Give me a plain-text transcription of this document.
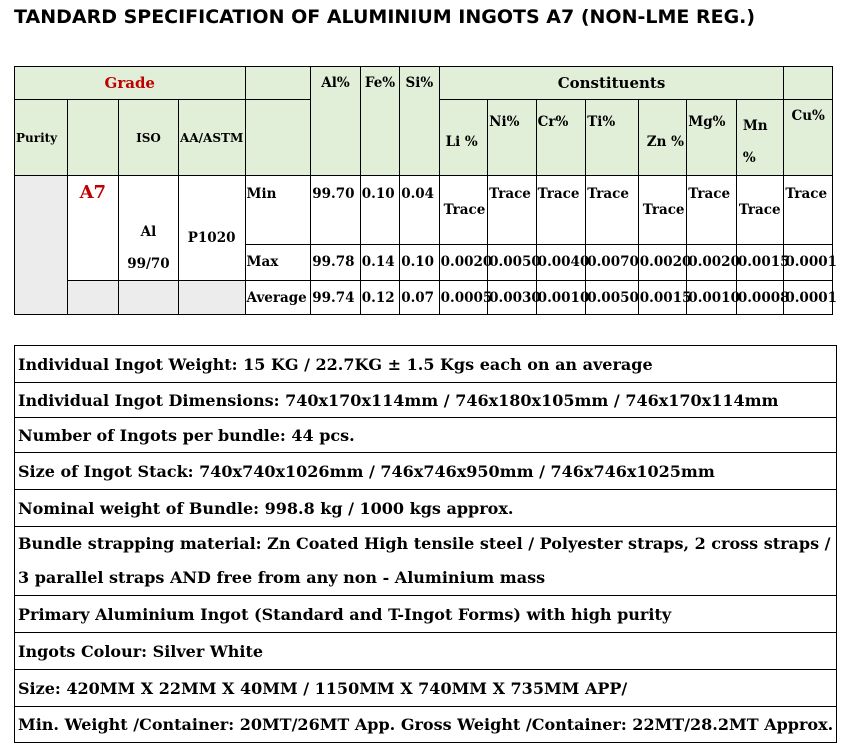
TANDARD SPECIFICATION OF ALUMINIUM INGOTS A7 (NON-LME REG.)
Grade					Al%	Fe%	Si%	Constituents							
Purity		ISO	AA/ASTM					Li %	Ni%	Cr%	Ti%	Zn %	Mg%	Mn %	Cu%
	A7	Al 99/70	P1020	Min	99.70	0.10	0.04	Trace	Trace	Trace	Trace	Trace	Trace	Trace	Trace
				Max	99.78	0.14	0.10	0.0020	0.0050	0.0040	0.0070	0.0020	0.0020	0.0015	0.0001
				Average	99.74	0.12	0.07	0.0005	0.0030	0.0010	0.0050	0.0015	0.0010	0.0008	0.0001
Individual Ingot Weight: 15 KG / 22.7KG ± 1.5 Kgs each on an average
Individual Ingot Dimensions: 740x170x114mm / 746x180x105mm / 746x170x114mm
Number of Ingots per bundle: 44 pcs.
Size of Ingot Stack: 740x740x1026mm / 746x746x950mm / 746x746x1025mm
Nominal weight of Bundle: 998.8 kg / 1000 kgs approx.
Bundle strapping material: Zn Coated High tensile steel / Polyester straps, 2 cross straps / 3 parallel straps AND free from any non - Aluminium mass
Primary Aluminium Ingot (Standard and T-Ingot Forms) with high purity
Ingots Colour: Silver White
Size: 420MM X 22MM X 40MM / 1150MM X 740MM X 735MM APP/
Min. Weight /Container: 20MT/26MT App. Gross Weight /Container: 22MT/28.2MT Approx.
